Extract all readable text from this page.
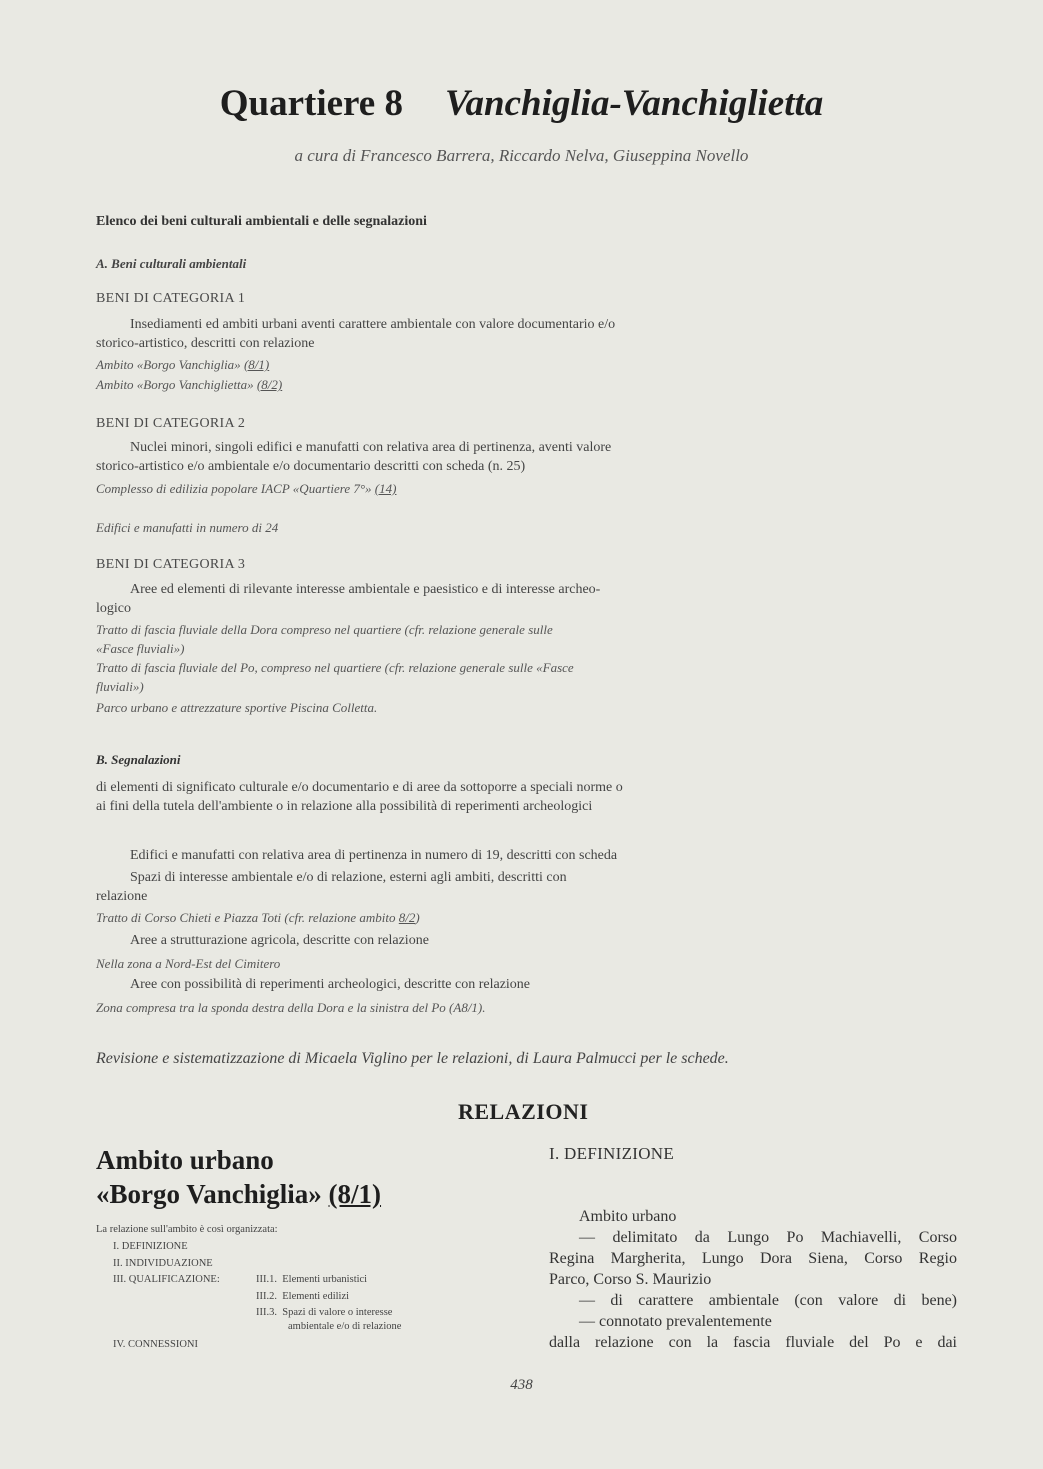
Quartiere 8 Vanchiglia-Vanchiglietta
a cura di Francesco Barrera, Riccardo Nelva, Giuseppina Novello
Elenco dei beni culturali ambientali e delle segnalazioni
A. Beni culturali ambientali
BENI DI CATEGORIA 1
Insediamenti ed ambiti urbani aventi carattere ambientale con valore documentario e/o
storico-artistico, descritti con relazione
Ambito «Borgo Vanchiglia» (8/1)
Ambito «Borgo Vanchiglietta» (8/2)
BENI DI CATEGORIA 2
Nuclei minori, singoli edifici e manufatti con relativa area di pertinenza, aventi valore
storico-artistico e/o ambientale e/o documentario descritti con scheda (n. 25)
Complesso di edilizia popolare IACP «Quartiere 7°» (14)
Edifici e manufatti in numero di 24
BENI DI CATEGORIA 3
Aree ed elementi di rilevante interesse ambientale e paesistico e di interesse archeo-
logico
Tratto di fascia fluviale della Dora compreso nel quartiere (cfr. relazione generale sulle
«Fasce fluviali»)
Tratto di fascia fluviale del Po, compreso nel quartiere (cfr. relazione generale sulle «Fasce
fluviali»)
Parco urbano e attrezzature sportive Piscina Colletta.
B. Segnalazioni
di elementi di significato culturale e/o documentario e di aree da sottoporre a speciali norme o
ai fini della tutela dell'ambiente o in relazione alla possibilità di reperimenti archeologici
Edifici e manufatti con relativa area di pertinenza in numero di 19, descritti con scheda
Spazi di interesse ambientale e/o di relazione, esterni agli ambiti, descritti con
relazione
Tratto di Corso Chieti e Piazza Toti (cfr. relazione ambito 8/2)
Aree a strutturazione agricola, descritte con relazione
Nella zona a Nord-Est del Cimitero
Aree con possibilità di reperimenti archeologici, descritte con relazione
Zona compresa tra la sponda destra della Dora e la sinistra del Po (A8/1).
Revisione e sistematizzazione di Micaela Viglino per le relazioni, di Laura Palmucci per le schede.
RELAZIONI
Ambito urbano
«Borgo Vanchiglia» (8/1)
La relazione sull'ambito è così organizzata:
I. DEFINIZIONE
II. INDIVIDUAZIONE
III. QUALIFICAZIONE:	III.1. Elementi urbanistici
III.2. Elementi edilizi
III.3. Spazi di valore o interesse
ambientale e/o di relazione
IV. CONNESSIONI
I. DEFINIZIONE
Ambito urbano
— delimitato da Lungo Po Machiavelli, Corso
Regina Margherita, Lungo Dora Siena, Corso Regio
Parco, Corso S. Maurizio
— di carattere ambientale (con valore di bene)
— connotato prevalentemente
dalla relazione con la fascia fluviale del Po e dai
438
